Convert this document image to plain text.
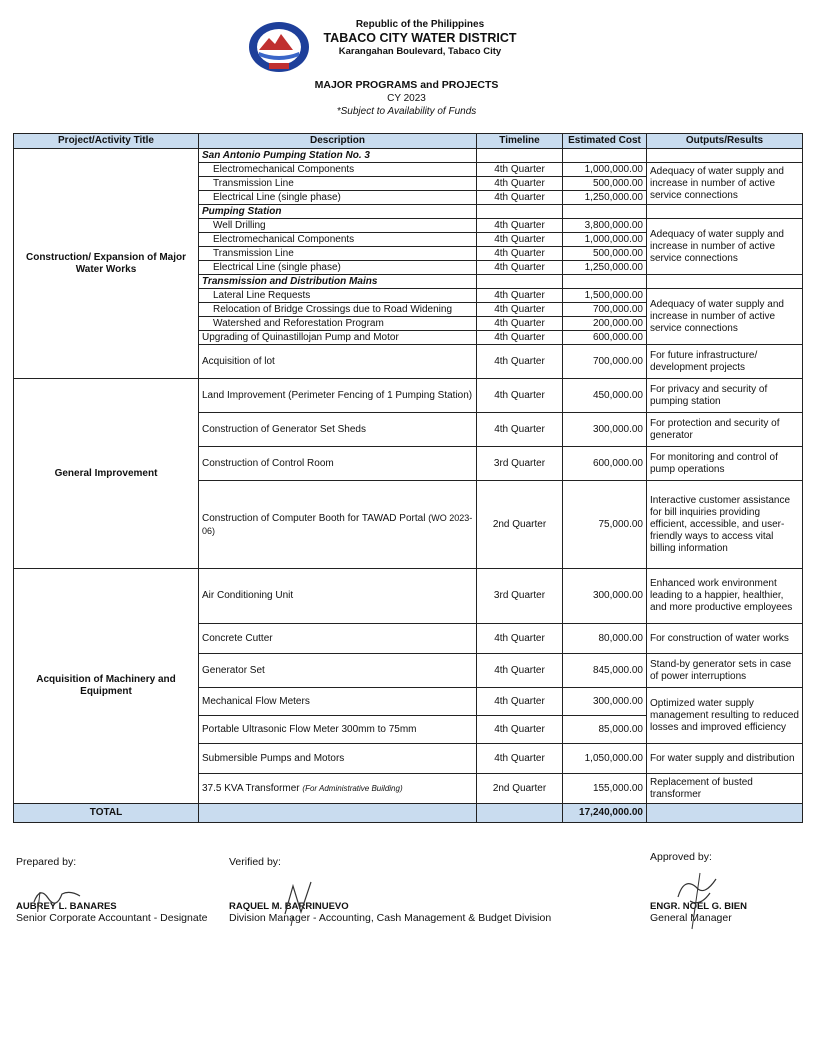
Republic of the Philippines
TABACO CITY WATER DISTRICT
Karangahan Boulevard, Tabaco City
MAJOR PROGRAMS and PROJECTS
CY 2023
*Subject to Availability of Funds
Project/Activity Title	Description	Timeline	Estimated Cost	Outputs/Results
Construction/ Expansion of Major Water Works	San Antonio Pumping Station No. 3			
	Electromechanical Components	4th Quarter	1,000,000.00	Adequacy of water supply and increase in number of active service connections
	Transmission Line	4th Quarter	500,000.00	
	Electrical Line (single phase)	4th Quarter	1,250,000.00	
	Pumping Station			
	Well Drilling	4th Quarter	3,800,000.00	Adequacy of water supply and increase in number of active service connections
	Electromechanical Components	4th Quarter	1,000,000.00	
	Transmission Line	4th Quarter	500,000.00	
	Electrical Line (single phase)	4th Quarter	1,250,000.00	
	Transmission and Distribution Mains			
	Lateral Line Requests	4th Quarter	1,500,000.00	Adequacy of water supply and increase in number of active service connections
	Relocation of Bridge Crossings due to Road Widening	4th Quarter	700,000.00	
	Watershed and Reforestation Program	4th Quarter	200,000.00	
	Upgrading of Quinastillojan Pump and Motor	4th Quarter	600,000.00	
	Acquisition of lot	4th Quarter	700,000.00	For future infrastructure/ development projects
General Improvement	Land Improvement (Perimeter Fencing of 1 Pumping Station)	4th Quarter	450,000.00	For privacy and security of pumping station
	Construction of Generator Set Sheds	4th Quarter	300,000.00	For protection and security of generator
	Construction of Control Room	3rd Quarter	600,000.00	For monitoring and control of pump operations
	Construction of Computer Booth for TAWAD Portal (WO 2023-06)	2nd Quarter	75,000.00	Interactive customer assistance for bill inquiries providing efficient, accessible, and user-friendly ways to access vital billing information
Acquisition of Machinery and Equipment	Air Conditioning Unit	3rd Quarter	300,000.00	Enhanced work environment leading to a happier, healthier, and more productive employees
	Concrete Cutter	4th Quarter	80,000.00	For construction of water works
	Generator Set	4th Quarter	845,000.00	Stand-by generator sets in case of power interruptions
	Mechanical Flow Meters	4th Quarter	300,000.00	Optimized water supply management resulting to reduced losses and improved efficiency
	Portable Ultrasonic Flow Meter 300mm to 75mm	4th Quarter	85,000.00	
	Submersible Pumps and Motors	4th Quarter	1,050,000.00	For water supply and distribution
	37.5 KVA Transformer (For Administrative Building)	2nd Quarter	155,000.00	Replacement of busted transformer
TOTAL			17,240,000.00	
Prepared by:
AUBREY L. BANARES
Senior Corporate Accountant - Designate
Verified by:
RAQUEL M. BARRINUEVO
Division Manager - Accounting, Cash Management & Budget Division
Approved by:
ENGR. NOEL G. BIEN
General Manager
